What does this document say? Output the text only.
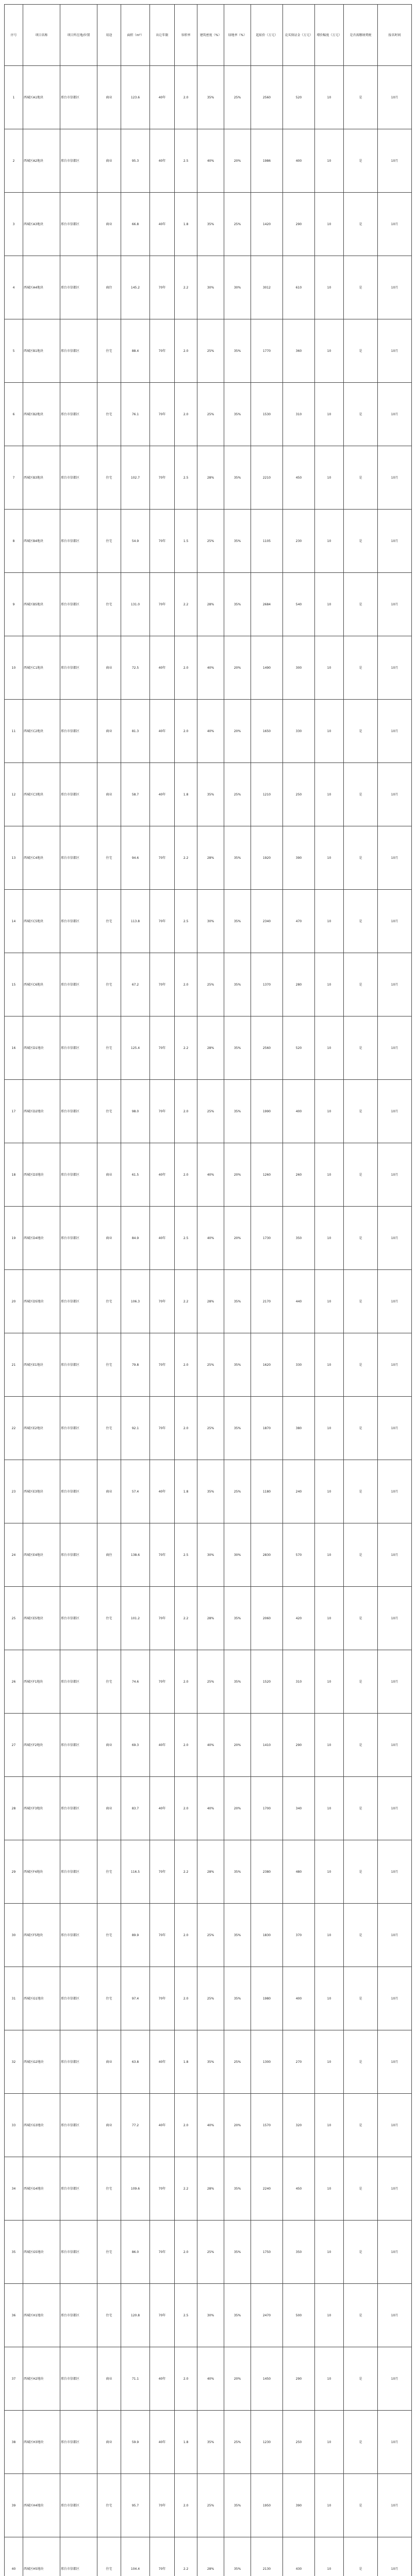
序号	项目名称	项目所在地/位置	用途	面积（m²）	出让年限	容积率	建筑密度（%）	绿地率（%）	起始价（万元）	竞买保证金（万元）	增价幅度（万元）	是否需缴纳契税	报名时间
1	西城区A1地块	邢台市信都区	商业	123.6	40年	2.0	35%	25%	2560	520	10	是	10月
2	西城区A2地块	邢台市信都区	商业	95.3	40年	2.5	40%	20%	1986	400	10	是	10月
3	西城区A3地块	邢台市信都区	商业	66.8	40年	1.8	35%	25%	1420	290	10	是	10月
4	西城区A4地块	邢台市信都区	商住	145.2	70年	2.2	30%	30%	3012	610	10	是	10月
5	西城区B1地块	邢台市信都区	住宅	88.4	70年	2.0	25%	35%	1770	360	10	是	10月
6	西城区B2地块	邢台市信都区	住宅	76.1	70年	2.0	25%	35%	1530	310	10	是	10月
7	西城区B3地块	邢台市信都区	住宅	102.7	70年	2.5	28%	35%	2210	450	10	是	10月
8	西城区B4地块	邢台市信都区	住宅	54.9	70年	1.5	25%	35%	1105	230	10	是	10月
9	西城区B5地块	邢台市信都区	住宅	131.0	70年	2.2	28%	35%	2684	540	10	是	10月
10	西城区C1地块	邢台市信都区	商业	72.5	40年	2.0	40%	20%	1490	300	10	是	10月
11	西城区C2地块	邢台市信都区	商业	81.3	40年	2.0	40%	20%	1650	330	10	是	10月
12	西城区C3地块	邢台市信都区	商业	58.7	40年	1.8	35%	25%	1210	250	10	是	10月
13	西城区C4地块	邢台市信都区	住宅	94.6	70年	2.2	28%	35%	1920	390	10	是	10月
14	西城区C5地块	邢台市信都区	住宅	113.8	70年	2.5	30%	35%	2340	470	10	是	10月
15	西城区C6地块	邢台市信都区	住宅	67.2	70年	2.0	25%	35%	1370	280	10	是	10月
16	西城区D1地块	邢台市信都区	住宅	125.4	70年	2.2	28%	35%	2560	520	10	是	10月
17	西城区D2地块	邢台市信都区	住宅	98.0	70年	2.0	25%	35%	1990	400	10	是	10月
18	西城区D3地块	邢台市信都区	商业	61.5	40年	2.0	40%	20%	1260	260	10	是	10月
19	西城区D4地块	邢台市信都区	商业	84.9	40年	2.5	40%	20%	1730	350	10	是	10月
20	西城区D5地块	邢台市信都区	住宅	106.3	70年	2.2	28%	35%	2170	440	10	是	10月
21	西城区E1地块	邢台市信都区	住宅	79.8	70年	2.0	25%	35%	1620	330	10	是	10月
22	西城区E2地块	邢台市信都区	住宅	92.1	70年	2.0	25%	35%	1870	380	10	是	10月
23	西城区E3地块	邢台市信都区	商业	57.4	40年	1.8	35%	25%	1180	240	10	是	10月
24	西城区E4地块	邢台市信都区	商住	138.6	70年	2.5	30%	30%	2830	570	10	是	10月
25	西城区E5地块	邢台市信都区	住宅	101.2	70年	2.2	28%	35%	2060	420	10	是	10月
26	西城区F1地块	邢台市信都区	住宅	74.6	70年	2.0	25%	35%	1520	310	10	是	10月
27	西城区F2地块	邢台市信都区	商业	69.3	40年	2.0	40%	20%	1410	290	10	是	10月
28	西城区F3地块	邢台市信都区	商业	83.7	40年	2.0	40%	20%	1700	340	10	是	10月
29	西城区F4地块	邢台市信都区	住宅	116.5	70年	2.2	28%	35%	2380	480	10	是	10月
30	西城区F5地块	邢台市信都区	住宅	89.9	70年	2.0	25%	35%	1830	370	10	是	10月
31	西城区G1地块	邢台市信都区	住宅	97.4	70年	2.0	25%	35%	1980	400	10	是	10月
32	西城区G2地块	邢台市信都区	商业	63.8	40年	1.8	35%	25%	1300	270	10	是	10月
33	西城区G3地块	邢台市信都区	商业	77.2	40年	2.0	40%	20%	1570	320	10	是	10月
34	西城区G4地块	邢台市信都区	住宅	109.6	70年	2.2	28%	35%	2240	450	10	是	10月
35	西城区G5地块	邢台市信都区	住宅	86.0	70年	2.0	25%	35%	1750	350	10	是	10月
36	西城区H1地块	邢台市信都区	住宅	120.8	70年	2.5	30%	35%	2470	500	10	是	10月
37	西城区H2地块	邢台市信都区	商业	71.1	40年	2.0	40%	20%	1450	290	10	是	10月
38	西城区H3地块	邢台市信都区	商业	59.9	40年	1.8	35%	25%	1230	250	10	是	10月
39	西城区H4地块	邢台市信都区	住宅	95.7	70年	2.0	25%	35%	1950	390	10	是	10月
40	西城区H5地块	邢台市信都区	住宅	104.4	70年	2.2	28%	35%	2130	430	10	是	10月
